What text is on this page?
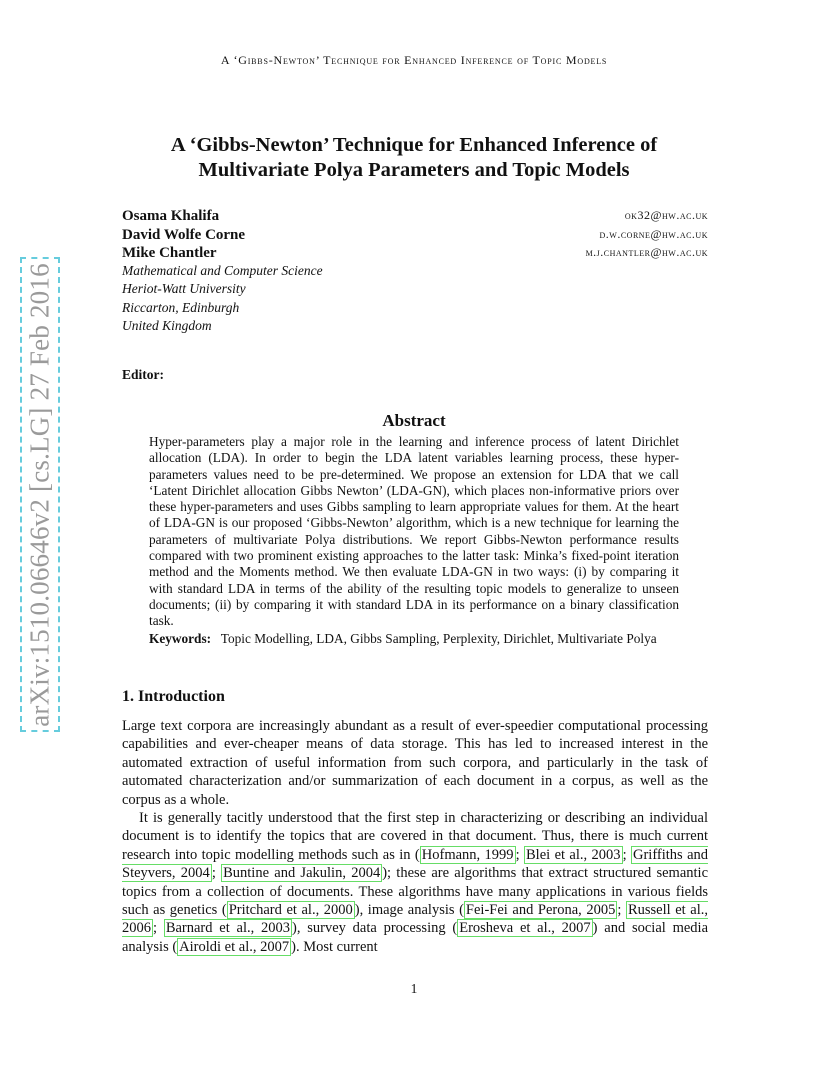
A ‘Gibbs-Newton’ Technique for Enhanced Inference of Topic Models
arXiv:1510.06646v2 [cs.LG] 27 Feb 2016
A ‘Gibbs-Newton’ Technique for Enhanced Inference of
Multivariate Polya Parameters and Topic Models
Osama Khalifa	ok32@hw.ac.uk
David Wolfe Corne	d.w.corne@hw.ac.uk
Mike Chantler	m.j.chantler@hw.ac.uk
Mathematical and Computer Science
Heriot-Watt University
Riccarton, Edinburgh
United Kingdom
Editor:
Abstract
Hyper-parameters play a major role in the learning and inference process of latent Dirichlet allocation (LDA). In order to begin the LDA latent variables learning process, these hyper-parameters values need to be pre-determined. We propose an extension for LDA that we call ‘Latent Dirichlet allocation Gibbs Newton’ (LDA-GN), which places non-informative priors over these hyper-parameters and uses Gibbs sampling to learn appropriate values for them. At the heart of LDA-GN is our proposed ‘Gibbs-Newton’ algorithm, which is a new technique for learning the parameters of multivariate Polya distributions. We report Gibbs-Newton performance results compared with two prominent existing approaches to the latter task: Minka’s fixed-point iteration method and the Moments method. We then evaluate LDA-GN in two ways: (i) by comparing it with standard LDA in terms of the ability of the resulting topic models to generalize to unseen documents; (ii) by comparing it with standard LDA in its performance on a binary classification task.
Keywords: Topic Modelling, LDA, Gibbs Sampling, Perplexity, Dirichlet, Multivariate Polya
1. Introduction

Large text corpora are increasingly abundant as a result of ever-speedier computational processing capabilities and ever-cheaper means of data storage. This has led to increased interest in the automated extraction of useful information from such corpora, and particularly in the task of automated characterization and/or summarization of each document in a corpus, as well as the corpus as a whole.

It is generally tacitly understood that the first step in characterizing or describing an individual document is to identify the topics that are covered in that document. Thus, there is much current research into topic modelling methods such as in ( Hofmann, 1999 ; Blei et al., 2003 ; Griffiths and Steyvers, 2004 ; Buntine and Jakulin, 2004 ); these are algorithms that extract structured semantic topics from a collection of documents. These algorithms have many applications in various fields such as genetics ( Pritchard et al., 2000 ), image analysis ( Fei-Fei and Perona, 2005 ; Russell et al., 2006 ; Barnard et al., 2003 ), survey data processing ( Erosheva et al., 2007 ) and social media analysis ( Airoldi et al., 2007 ). Most current

1
